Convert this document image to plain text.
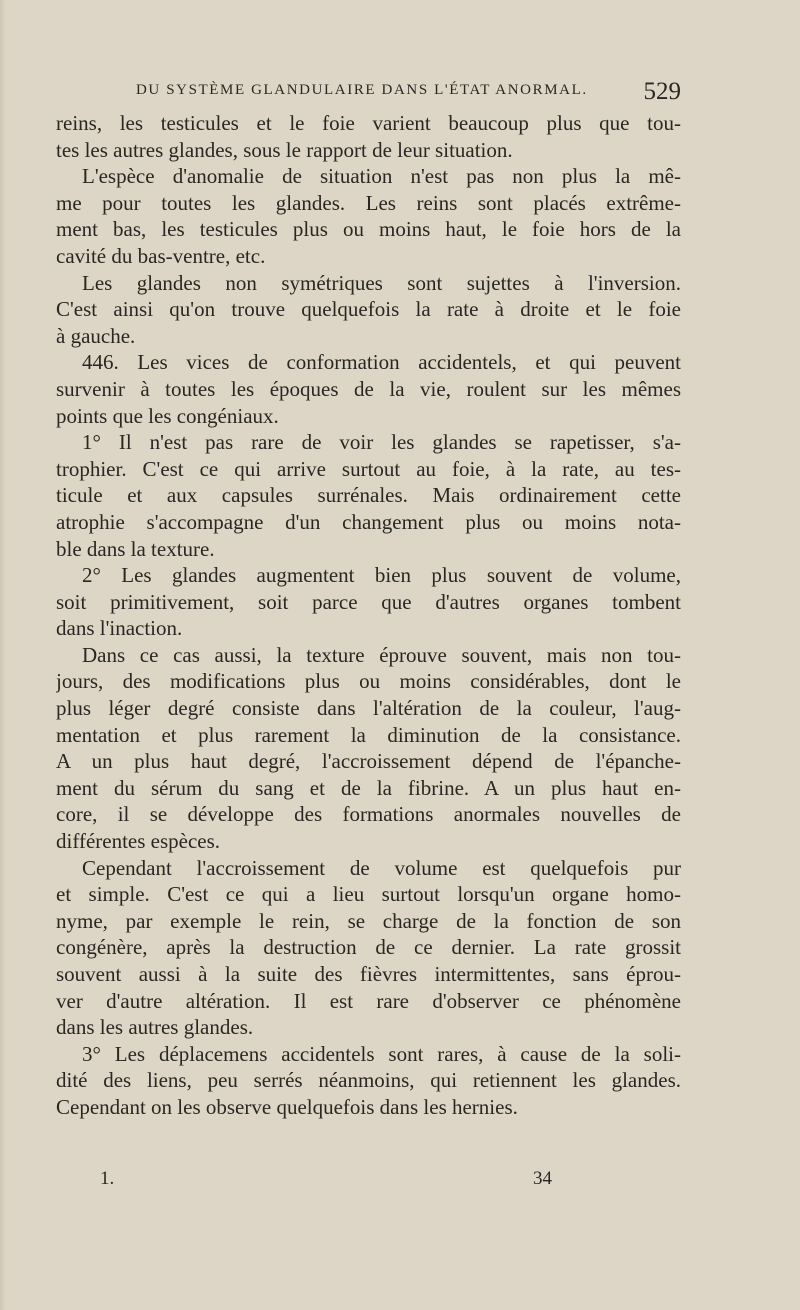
DU SYSTÈME GLANDULAIRE DANS L'ÉTAT ANORMAL. 529
reins, les testicules et le foie varient beaucoup plus que tou-
tes les autres glandes, sous le rapport de leur situation.
L'espèce d'anomalie de situation n'est pas non plus la mê-
me pour toutes les glandes. Les reins sont placés extrême-
ment bas, les testicules plus ou moins haut, le foie hors de la
cavité du bas-ventre, etc.
Les glandes non symétriques sont sujettes à l'inversion.
C'est ainsi qu'on trouve quelquefois la rate à droite et le foie
à gauche.
446. Les vices de conformation accidentels, et qui peuvent
survenir à toutes les époques de la vie, roulent sur les mêmes
points que les congéniaux.
1° Il n'est pas rare de voir les glandes se rapetisser, s'a-
trophier. C'est ce qui arrive surtout au foie, à la rate, au tes-
ticule et aux capsules surrénales. Mais ordinairement cette
atrophie s'accompagne d'un changement plus ou moins nota-
ble dans la texture.
2° Les glandes augmentent bien plus souvent de volume,
soit primitivement, soit parce que d'autres organes tombent
dans l'inaction.
Dans ce cas aussi, la texture éprouve souvent, mais non tou-
jours, des modifications plus ou moins considérables, dont le
plus léger degré consiste dans l'altération de la couleur, l'aug-
mentation et plus rarement la diminution de la consistance.
A un plus haut degré, l'accroissement dépend de l'épanche-
ment du sérum du sang et de la fibrine. A un plus haut en-
core, il se développe des formations anormales nouvelles de
différentes espèces.
Cependant l'accroissement de volume est quelquefois pur
et simple. C'est ce qui a lieu surtout lorsqu'un organe homo-
nyme, par exemple le rein, se charge de la fonction de son
congénère, après la destruction de ce dernier. La rate grossit
souvent aussi à la suite des fièvres intermittentes, sans éprou-
ver d'autre altération. Il est rare d'observer ce phénomène
dans les autres glandes.
3° Les déplacemens accidentels sont rares, à cause de la soli-
dité des liens, peu serrés néanmoins, qui retiennent les glandes.
Cependant on les observe quelquefois dans les hernies.
1.	34
